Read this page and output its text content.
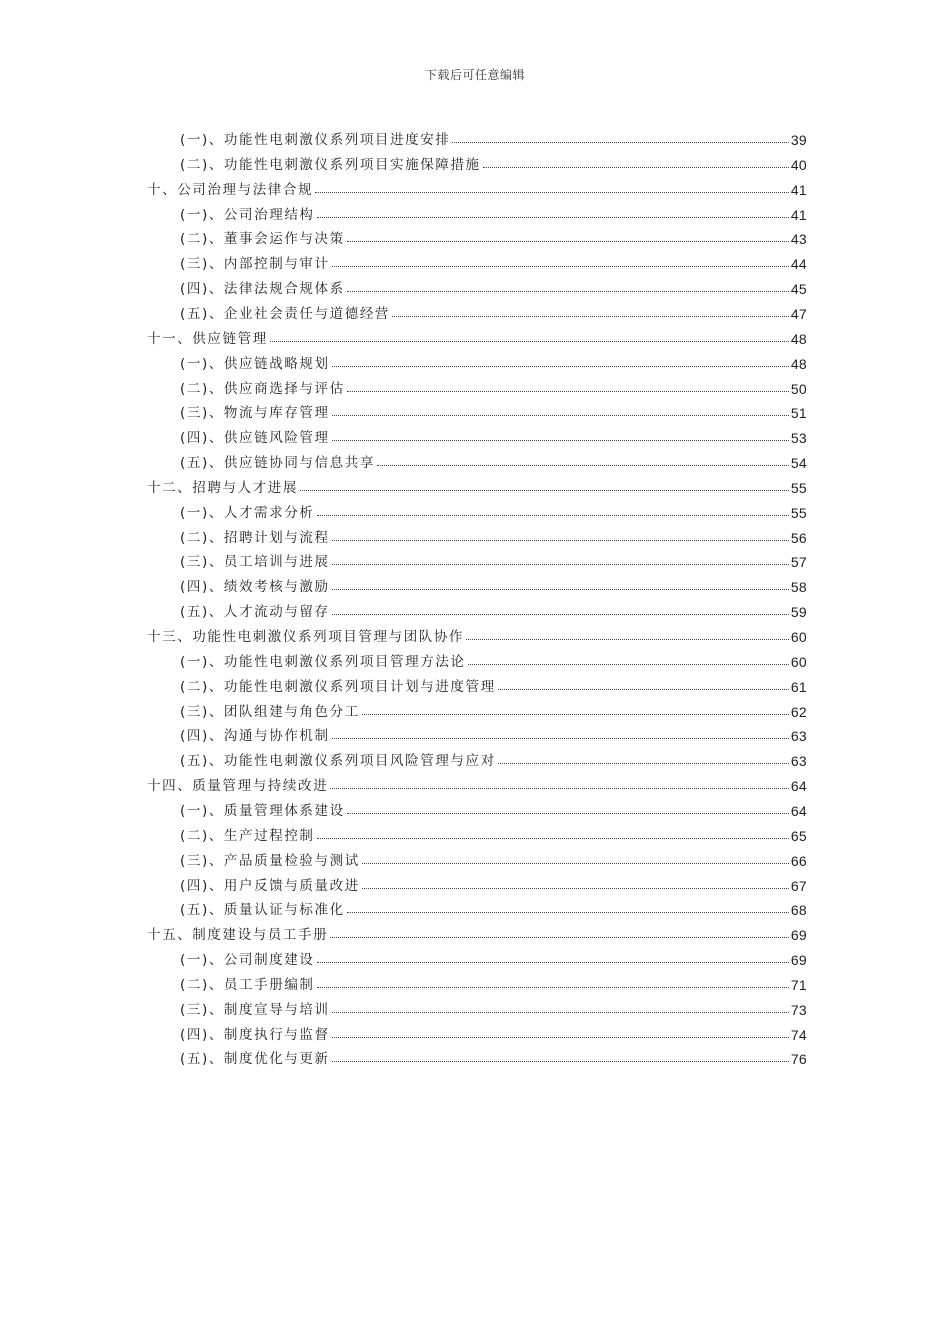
下载后可任意编辑
(一)、功能性电刺激仪系列项目进度安排	39
(二)、功能性电刺激仪系列项目实施保障措施	40
十、公司治理与法律合规	41
(一)、公司治理结构	41
(二)、董事会运作与决策	43
(三)、内部控制与审计	44
(四)、法律法规合规体系	45
(五)、企业社会责任与道德经营	47
十一、供应链管理	48
(一)、供应链战略规划	48
(二)、供应商选择与评估	50
(三)、物流与库存管理	51
(四)、供应链风险管理	53
(五)、供应链协同与信息共享	54
十二、招聘与人才进展	55
(一)、人才需求分析	55
(二)、招聘计划与流程	56
(三)、员工培训与进展	57
(四)、绩效考核与激励	58
(五)、人才流动与留存	59
十三、功能性电刺激仪系列项目管理与团队协作	60
(一)、功能性电刺激仪系列项目管理方法论	60
(二)、功能性电刺激仪系列项目计划与进度管理	61
(三)、团队组建与角色分工	62
(四)、沟通与协作机制	63
(五)、功能性电刺激仪系列项目风险管理与应对	63
十四、质量管理与持续改进	64
(一)、质量管理体系建设	64
(二)、生产过程控制	65
(三)、产品质量检验与测试	66
(四)、用户反馈与质量改进	67
(五)、质量认证与标准化	68
十五、制度建设与员工手册	69
(一)、公司制度建设	69
(二)、员工手册编制	71
(三)、制度宣导与培训	73
(四)、制度执行与监督	74
(五)、制度优化与更新	76
